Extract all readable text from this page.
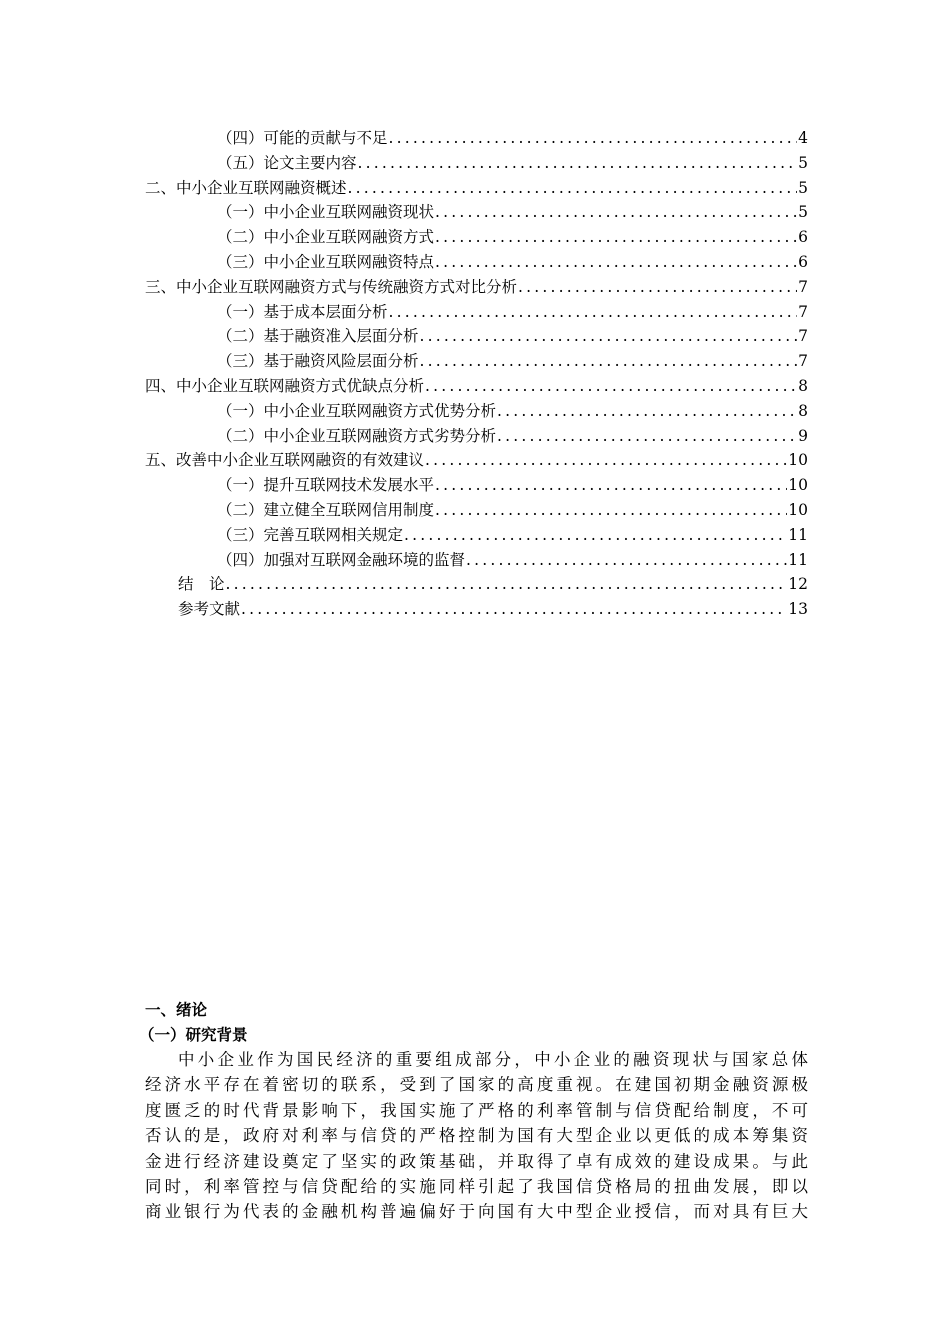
（四）可能的贡献与不足 .....	4
（五）论文主要内容 .....	5
二、中小企业互联网融资概述 .....	5
（一）中小企业互联网融资现状 .....	5
（二）中小企业互联网融资方式 .....	6
（三）中小企业互联网融资特点 .....	6
三、中小企业互联网融资方式与传统融资方式对比分析 .....	7
（一）基于成本层面分析 .....	7
（二）基于融资准入层面分析 .....	7
（三）基于融资风险层面分析 .....	7
四、中小企业互联网融资方式优缺点分析 .....	8
（一）中小企业互联网融资方式优势分析 .....	8
（二）中小企业互联网融资方式劣势分析 .....	9
五、改善中小企业互联网融资的有效建议 .....	10
（一）提升互联网技术发展水平 .....	10
（二）建立健全互联网信用制度 .....	10
（三）完善互联网相关规定 .....	11
（四）加强对互联网金融环境的监督 .....	11
结　论 .....	12
参考文献 .....	13
一、绪论
（一）研究背景
中小企业作为国民经济的重要组成部分，中小企业的融资现状与国家总体
经济水平存在着密切的联系，受到了国家的高度重视。在建国初期金融资源极
度匮乏的时代背景影响下，我国实施了严格的利率管制与信贷配给制度，不可
否认的是，政府对利率与信贷的严格控制为国有大型企业以更低的成本筹集资
金进行经济建设奠定了坚实的政策基础，并取得了卓有成效的建设成果。与此
同时，利率管控与信贷配给的实施同样引起了我国信贷格局的扭曲发展，即以
商业银行为代表的金融机构普遍偏好于向国有大中型企业授信，而对具有巨大
